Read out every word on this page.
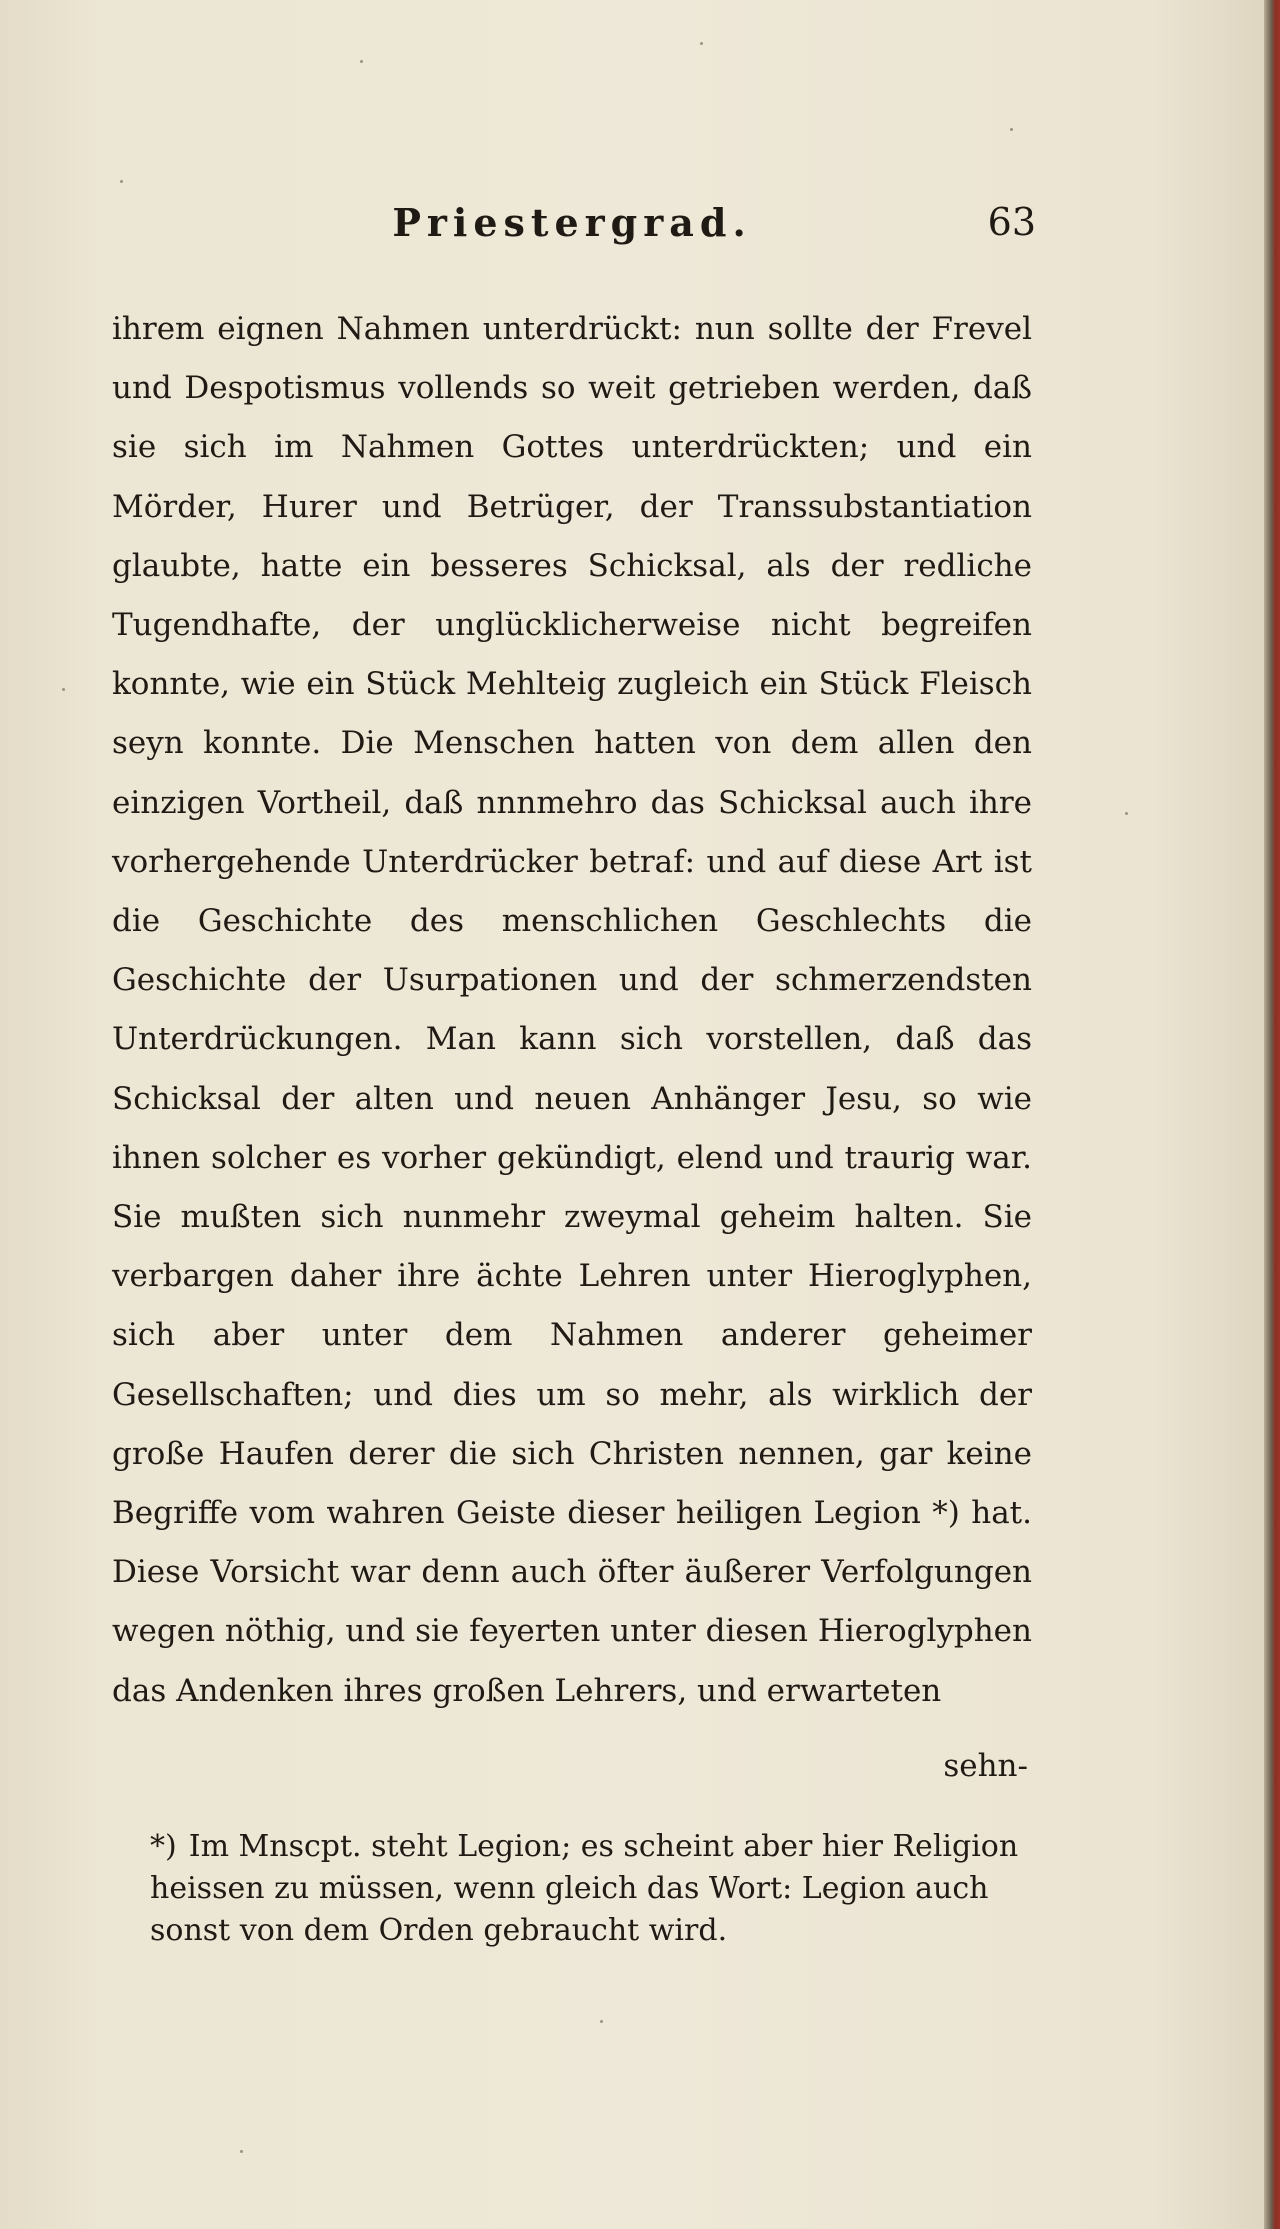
Priestergrad.	63

ihrem eignen Nahmen unterdrückt: nun sollte der Frevel und Despotismus vollends so weit getrieben werden, daß sie sich im Nahmen Gottes unterdrückten; und ein Mörder, Hurer und Betrüger, der Transsubstantiation glaubte, hatte ein besseres Schicksal, als der redliche Tugendhafte, der unglücklicherweise nicht begreifen konnte, wie ein Stück Mehlteig zugleich ein Stück Fleisch seyn konnte. Die Menschen hatten von dem allen den einzigen Vortheil, daß nnnmehro das Schicksal auch ihre vorhergehende Unterdrücker betraf: und auf diese Art ist die Geschichte des menschlichen Geschlechts die Geschichte der Usurpationen und der schmerzendsten Unterdrückungen. Man kann sich vorstellen, daß das Schicksal der alten und neuen Anhänger Jesu, so wie ihnen solcher es vorher gekündigt, elend und traurig war. Sie mußten sich nunmehr zweymal geheim halten. Sie verbargen daher ihre ächte Lehren unter Hieroglyphen, sich aber unter dem Nahmen anderer geheimer Gesellschaften; und dies um so mehr, als wirklich der große Haufen derer die sich Christen nennen, gar keine Begriffe vom wahren Geiste dieser heiligen Legion *) hat. Diese Vorsicht war denn auch öfter äußerer Verfolgungen wegen nöthig, und sie feyerten unter diesen Hieroglyphen das Andenken ihres großen Lehrers, und erwarteten

sehn-

*) Im Mnscpt. steht Legion; es scheint aber hier Religion heissen zu müssen, wenn gleich das Wort: Legion auch sonst von dem Orden gebraucht wird.
